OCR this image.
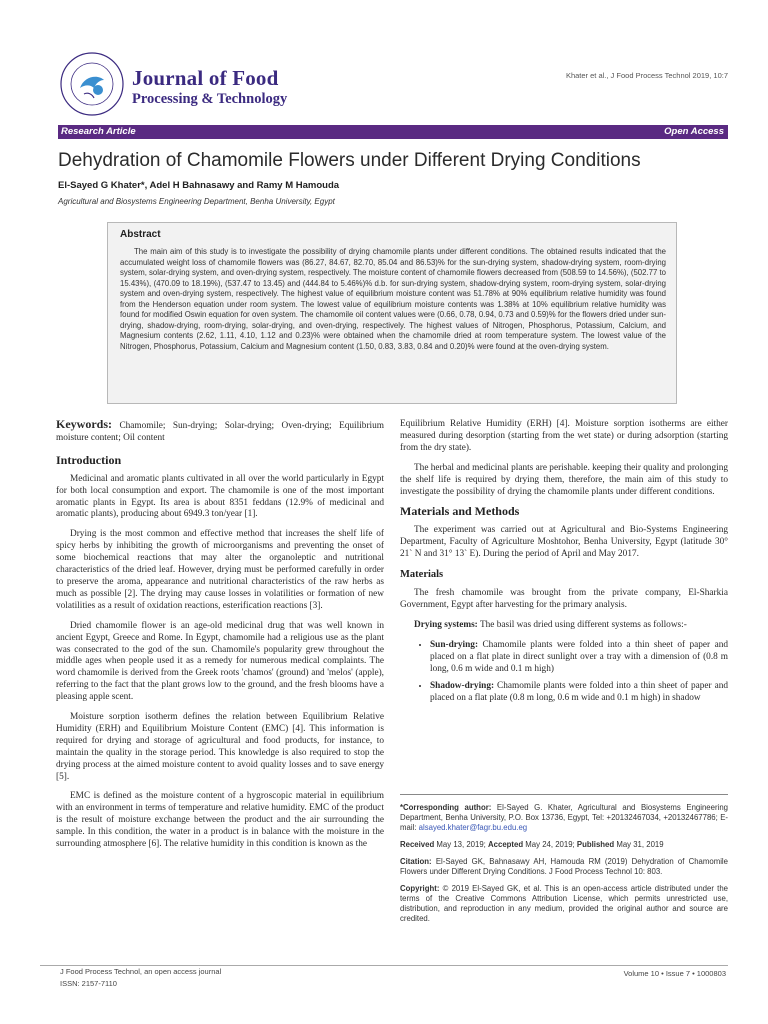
Journal of Food
Processing & Technology
Khater et al., J Food Process Technol 2019, 10:7
Research Article	Open Access
Dehydration of Chamomile Flowers under Different Drying Conditions
El-Sayed G Khater*, Adel H Bahnasawy and Ramy M Hamouda
Agricultural and Biosystems Engineering Department, Benha University, Egypt
Abstract

The main aim of this study is to investigate the possibility of drying chamomile plants under different conditions. The obtained results indicated that the accumulated weight loss of chamomile flowers was (86.27, 84.67, 82.70, 85.04 and 86.53)% for the sun-drying system, shadow-drying system, room-drying system, solar-drying system, and oven-drying system, respectively. The moisture content of chamomile flowers decreased from (508.59 to 14.56%), (502.77 to 15.43%), (470.09 to 18.19%), (537.47 to 13.45) and (444.84 to 5.46%)% d.b. for sun-drying system, shadow-drying system, room-drying system, solar-drying system and oven-drying system, respectively. The highest value of equilibrium moisture content was 51.78% at 90% equilibrium relative humidity was found from the Henderson equation under room system. The lowest value of equilibrium moisture contents was 1.38% at 10% equilibrium relative humidity was found for modified Oswin equation for oven system. The chamomile oil content values were (0.66, 0.78, 0.94, 0.73 and 0.59)% for the flowers dried under sun-drying, shadow-drying, room-drying, solar-drying, and oven-drying, respectively. The highest values of Nitrogen, Phosphorus, Potassium, Calcium, and Magnesium contents (2.62, 1.11, 4.10, 1.12 and 0.23)% were obtained when the chamomile dried at room temperature system. The lowest value of the Nitrogen, Phosphorus, Potassium, Calcium and Magnesium content (1.50, 0.83, 3.83, 0.84 and 0.20)% were found at the oven-drying system.

Keywords: Chamomile; Sun-drying; Solar-drying; Oven-drying; Equilibrium moisture content; Oil content

Introduction

Medicinal and aromatic plants cultivated in all over the world particularly in Egypt for both local consumption and export. The chamomile is one of the most important aromatic plants in Egypt. Its area is about 8351 feddans (12.9% of medicinal and aromatic plants), producing about 6949.3 ton/year [1].

Drying is the most common and effective method that increases the shelf life of spicy herbs by inhibiting the growth of microorganisms and preventing the onset of some biochemical reactions that may alter the organoleptic and nutritional characteristics of the dried leaf. However, drying must be performed carefully in order to preserve the aroma, appearance and nutritional characteristics of the raw herbs as much as possible [2]. The drying may cause losses in volatilities or formation of new volatilities as a result of oxidation reactions, esterification reactions [3].

Dried chamomile flower is an age-old medicinal drug that was well known in ancient Egypt, Greece and Rome. In Egypt, chamomile had a religious use as the plant was consecrated to the god of the sun. Chamomile's popularity grew throughout the middle ages when people used it as a remedy for numerous medical complaints. The word chamomile is derived from the Greek roots 'chamos' (ground) and 'melos' (apple), referring to the fact that the plant grows low to the ground, and the fresh blooms have a pleasing apple scent.

Moisture sorption isotherm defines the relation between Equilibrium Relative Humidity (ERH) and Equilibrium Moisture Content (EMC) [4]. This information is required for drying and storage of agricultural and food products, for instance, to maintain the quality in the storage period. This knowledge is also required to stop the drying process at the aimed moisture content to avoid quality losses and to save energy [5].

EMC is defined as the moisture content of a hygroscopic material in equilibrium with an environment in terms of temperature and relative humidity. EMC of the product is the result of moisture exchange between the product and the air surrounding the sample. In this condition, the water in a product is in balance with the moisture in the surrounding atmosphere [6]. The relative humidity in this condition is known as the

Equilibrium Relative Humidity (ERH) [4]. Moisture sorption isotherms are either measured during desorption (starting from the wet state) or during adsorption (starting from the dry state).

The herbal and medicinal plants are perishable. keeping their quality and prolonging the shelf life is required by drying them, therefore, the main aim of this study to investigate the possibility of drying the chamomile plants under different conditions.

Materials and Methods

The experiment was carried out at Agricultural and Bio-Systems Engineering Department, Faculty of Agriculture Moshtohor, Benha University, Egypt (latitude 30° 21` N and 31° 13` E). During the period of April and May 2017.

Materials

The fresh chamomile was brought from the private company, El-Sharkia Government, Egypt after harvesting for the primary analysis.

Drying systems: The basil was dried using different systems as follows:-

• Sun-drying: Chamomile plants were folded into a thin sheet of paper and placed on a flat plate in direct sunlight over a tray with a dimension of (0.8 m long, 0.6 m wide and 0.1 m high)
• Shadow-drying: Chamomile plants were folded into a thin sheet of paper and placed on a flat plate (0.8 m long, 0.6 m wide and 0.1 m high) in shadow

*Corresponding author: El-Sayed G. Khater, Agricultural and Biosystems Engineering Department, Benha University, P.O. Box 13736, Egypt, Tel: +20132467034, +20132467786; E-mail: alsayed.khater@fagr.bu.edu.eg

Received May 13, 2019; Accepted May 24, 2019; Published May 31, 2019

Citation: El-Sayed GK, Bahnasawy AH, Hamouda RM (2019) Dehydration of Chamomile Flowers under Different Drying Conditions. J Food Process Technol 10: 803.

Copyright: © 2019 El-Sayed GK, et al. This is an open-access article distributed under the terms of the Creative Commons Attribution License, which permits unrestricted use, distribution, and reproduction in any medium, provided the original author and source are credited.

J Food Process Technol, an open access journal
ISSN: 2157-7110
Volume 10 • Issue 7 • 1000803
